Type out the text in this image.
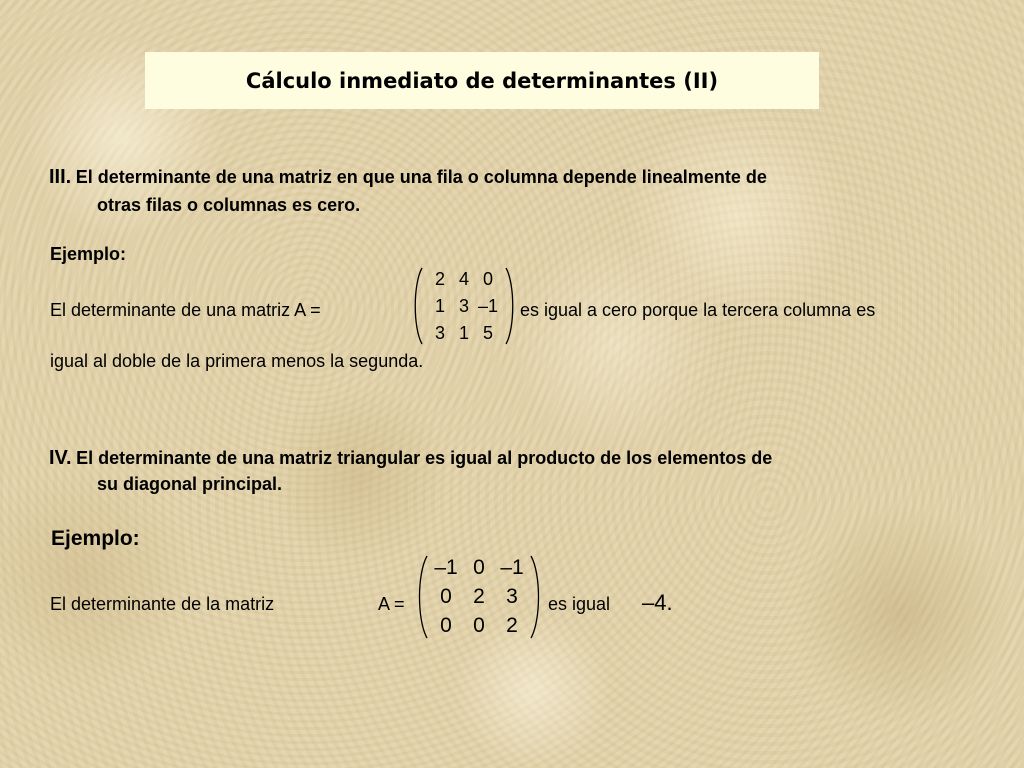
Cálculo inmediato de determinantes (II)
III. El determinante de una matriz en que una fila o columna depende linealmente de
otras filas o columnas es cero.
Ejemplo:
El determinante de una matriz A =
2 4 0
1 3 –1
3 1 5
es igual a cero porque la tercera columna es
igual al doble de la primera menos la segunda.
IV. El determinante de una matriz triangular es igual al producto de los elementos de
su diagonal principal.
Ejemplo:
El determinante de la matriz	A =
–1 0 –1
0	2	3
0	0	2
es igual –4.
